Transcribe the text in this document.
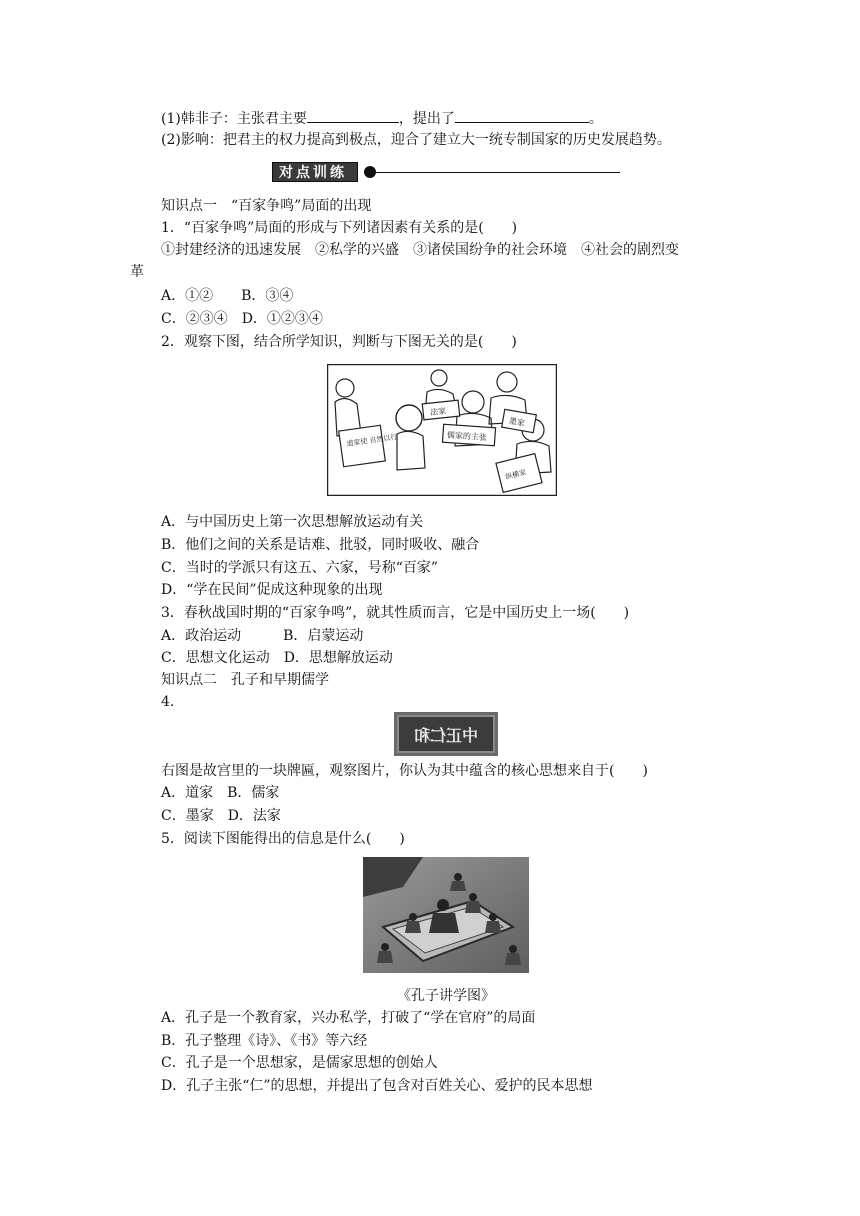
(1)韩非子：主张君主要	，提出了	。
(2)影响：把君主的权力提高到极点，迎合了建立大一统专制国家的历史发展趋势。
对点训练
知识点一　“百家争鸣”局面的出现
1．“百家争鸣”局面的形成与下列诸因素有关系的是(　　)
①封建经济的迅速发展　②私学的兴盛　③诸侯国纷争的社会环境　④社会的剧烈变
革
A．①②　　B．③④
C．②③④　D．①②③④
2．观察下图，结合所学知识，判断与下图无关的是(　　)
法家
墨家
道家使 自然以行	儒家的主张
纵横家
A．与中国历史上第一次思想解放运动有关
B．他们之间的关系是诘难、批驳，同时吸收、融合
C．当时的学派只有这五、六家，号称“百家”
D．“学在民间”促成这种现象的出现
3．春秋战国时期的“百家争鸣”，就其性质而言，它是中国历史上一场(　　)
A．政治运动　　　B．启蒙运动
C．思想文化运动　D．思想解放运动
知识点二　孔子和早期儒学
4.
中正仁和
右图是故宫里的一块牌匾，观察图片，你认为其中蕴含的核心思想来自于(　　)
A．道家　B．儒家
C．墨家　D．法家
5．阅读下图能得出的信息是什么(　　)
《孔子讲学图》
A．孔子是一个教育家，兴办私学，打破了“学在官府”的局面
B．孔子整理《诗》、《书》等六经
C．孔子是一个思想家，是儒家思想的创始人
D．孔子主张“仁”的思想，并提出了包含对百姓关心、爱护的民本思想
